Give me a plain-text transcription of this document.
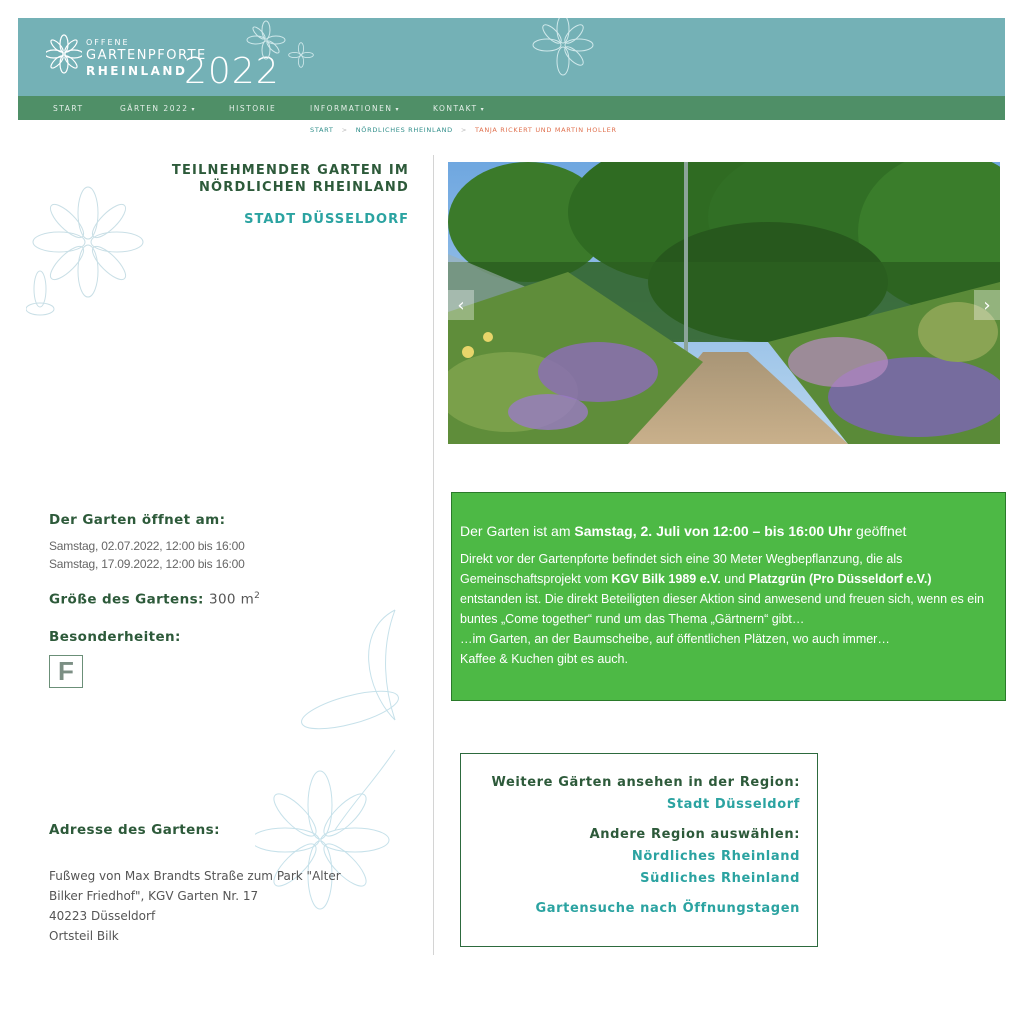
OFFENE
GARTENPFORTE
RHEINLAND
2022
START	GÄRTEN 2022 ▾	HISTORIE	INFORMATIONEN ▾	KONTAKT ▾
START > NÖRDLICHES RHEINLAND > TANJA RICKERT UND MARTIN HOLLER
TEILNEHMENDER GARTEN IM
NÖRDLICHEN RHEINLAND
STADT DÜSSELDORF
Der Garten öffnet am:
Samstag, 02.07.2022, 12:00 bis 16:00
Samstag, 17.09.2022, 12:00 bis 16:00
Größe des Gartens: 300 $m^2$
Besonderheiten:
F
Adresse des Gartens:
Fußweg von Max Brandts Straße zum Park "Alter
Bilker Friedhof", KGV Garten Nr. 17
40223 Düsseldorf
Ortsteil Bilk
‹	›
Der Garten ist am Samstag, 2. Juli von 12:00 – bis 16:00 Uhr geöffnet
Direkt vor der Gartenpforte befindet sich eine 30 Meter Wegbepflanzung, die als Gemeinschaftsprojekt vom KGV Bilk 1989 e.V. und Platzgrün (Pro Düsseldorf e.V.) entstanden ist. Die direkt Beteiligten dieser Aktion sind anwesend und freuen sich, wenn es ein buntes „Come together“ rund um das Thema „Gärtnern“ gibt…
…im Garten, an der Baumscheibe, auf öffentlichen Plätzen, wo auch immer…
Kaffee & Kuchen gibt es auch.
Weitere Gärten ansehen in der Region:
Stadt Düsseldorf
Andere Region auswählen:
Nördliches Rheinland
Südliches Rheinland
Gartensuche nach Öffnungstagen
